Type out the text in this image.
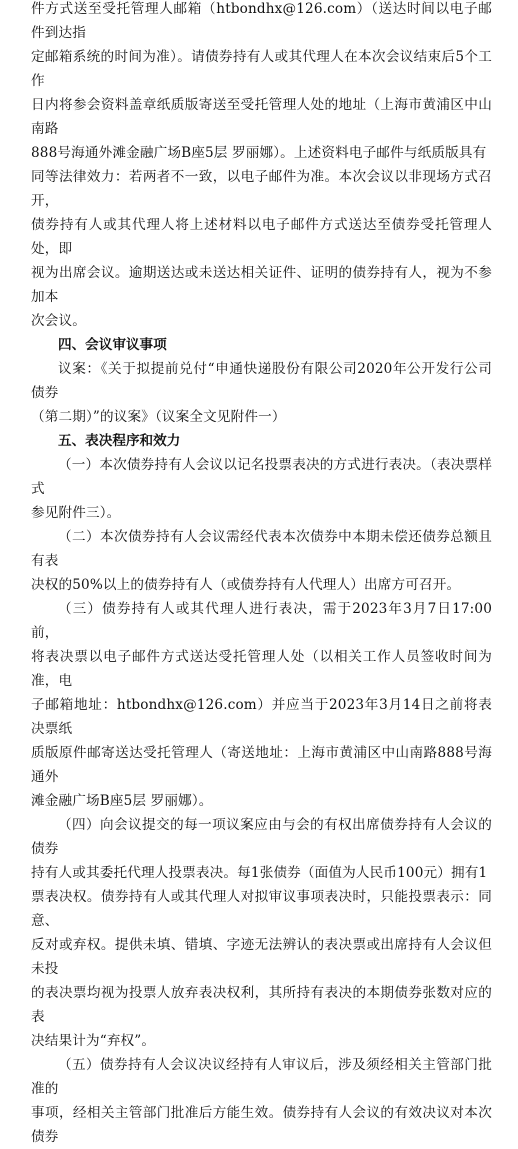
件方式送至受托管理人邮箱（htbondhx@126.com）（送达时间以电子邮件到达指
定邮箱系统的时间为准）。请债券持有人或其代理人在本次会议结束后5个工作
日内将参会资料盖章纸质版寄送至受托管理人处的地址（上海市黄浦区中山南路
888号海通外滩金融广场B座5层 罗丽娜）。上述资料电子邮件与纸质版具有
同等法律效力：若两者不一致，以电子邮件为准。本次会议以非现场方式召开，
债券持有人或其代理人将上述材料以电子邮件方式送达至债券受托管理人处，即
视为出席会议。逾期送达或未送达相关证件、证明的债券持有人，视为不参加本
次会议。

四、会议审议事项

议案：《关于拟提前兑付“申通快递股份有限公司2020年公开发行公司债券
（第二期）”的议案》（议案全文见附件一）

五、表决程序和效力

（一）本次债券持有人会议以记名投票表决的方式进行表决。（表决票样式
参见附件三）。

（二）本次债券持有人会议需经代表本次债券中本期未偿还债券总额且有表
决权的50%以上的债券持有人（或债券持有人代理人）出席方可召开。

（三）债券持有人或其代理人进行表决，需于2023年3月7日17:00前，
将表决票以电子邮件方式送达受托管理人处（以相关工作人员签收时间为准，电
子邮箱地址：htbondhx@126.com）并应当于2023年3月14日之前将表决票纸
质版原件邮寄送达受托管理人（寄送地址：上海市黄浦区中山南路888号海通外
滩金融广场B座5层 罗丽娜）。

（四）向会议提交的每一项议案应由与会的有权出席债券持有人会议的债券
持有人或其委托代理人投票表决。每1张债券（面值为人民币100元）拥有1
票表决权。债券持有人或其代理人对拟审议事项表决时，只能投票表示：同意、
反对或弃权。提供未填、错填、字迹无法辨认的表决票或出席持有人会议但未投
的表决票均视为投票人放弃表决权利，其所持有表决的本期债券张数对应的表
决结果计为“弃权”。

（五）债券持有人会议决议经持有人审议后，涉及须经相关主管部门批准的
事项，经相关主管部门批准后方能生效。债券持有人会议的有效决议对本次债券
